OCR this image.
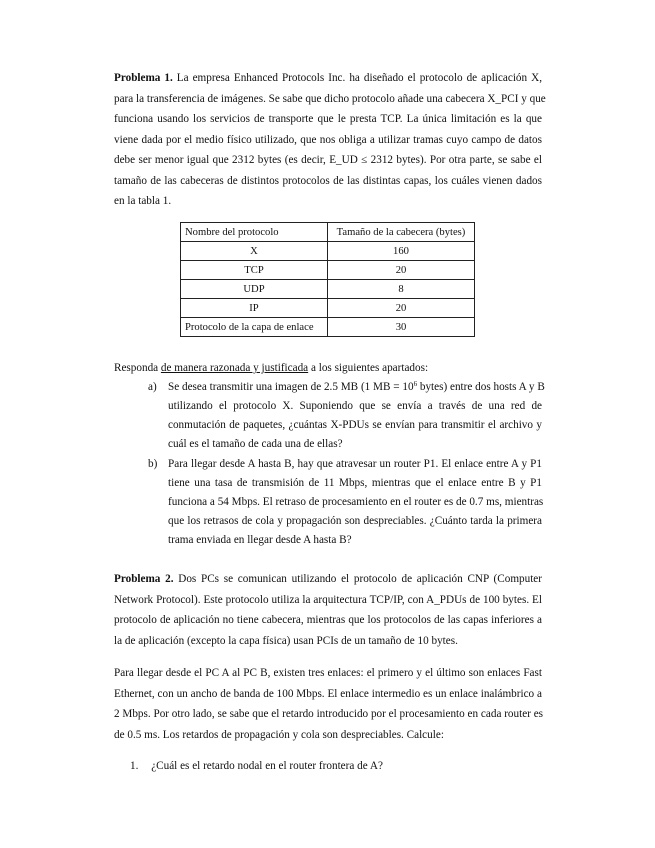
Problema 1. La empresa Enhanced Protocols Inc. ha diseñado el protocolo de aplicación X,
para la transferencia de imágenes. Se sabe que dicho protocolo añade una cabecera X_PCI y que
funciona usando los servicios de transporte que le presta TCP. La única limitación es la que
viene dada por el medio físico utilizado, que nos obliga a utilizar tramas cuyo campo de datos
debe ser menor igual que 2312 bytes (es decir, E_UD ≤ 2312 bytes). Por otra parte, se sabe el
tamaño de las cabeceras de distintos protocolos de las distintas capas, los cuáles vienen dados
en la tabla 1.
Nombre del protocolo	Tamaño de la cabecera (bytes)
X	160
TCP	20
UDP	8
IP	20
Protocolo de la capa de enlace	30
Responda de manera razonada y justificada a los siguientes apartados:
a) Se desea transmitir una imagen de 2.5 MB (1 MB = $10^6$ bytes) entre dos hosts A y B
utilizando el protocolo X. Suponiendo que se envía a través de una red de
conmutación de paquetes, ¿cuántas X-PDUs se envían para transmitir el archivo y
cuál es el tamaño de cada una de ellas?
b) Para llegar desde A hasta B, hay que atravesar un router P1. El enlace entre A y P1
tiene una tasa de transmisión de 11 Mbps, mientras que el enlace entre B y P1
funciona a 54 Mbps. El retraso de procesamiento en el router es de 0.7 ms, mientras
que los retrasos de cola y propagación son despreciables. ¿Cuánto tarda la primera
trama enviada en llegar desde A hasta B?
Problema 2. Dos PCs se comunican utilizando el protocolo de aplicación CNP (Computer
Network Protocol). Este protocolo utiliza la arquitectura TCP/IP, con A_PDUs de 100 bytes. El
protocolo de aplicación no tiene cabecera, mientras que los protocolos de las capas inferiores a
la de aplicación (excepto la capa física) usan PCIs de un tamaño de 10 bytes.
Para llegar desde el PC A al PC B, existen tres enlaces: el primero y el último son enlaces Fast
Ethernet, con un ancho de banda de 100 Mbps. El enlace intermedio es un enlace inalámbrico a
2 Mbps. Por otro lado, se sabe que el retardo introducido por el procesamiento en cada router es
de 0.5 ms. Los retardos de propagación y cola son despreciables. Calcule:
1. ¿Cuál es el retardo nodal en el router frontera de A?
